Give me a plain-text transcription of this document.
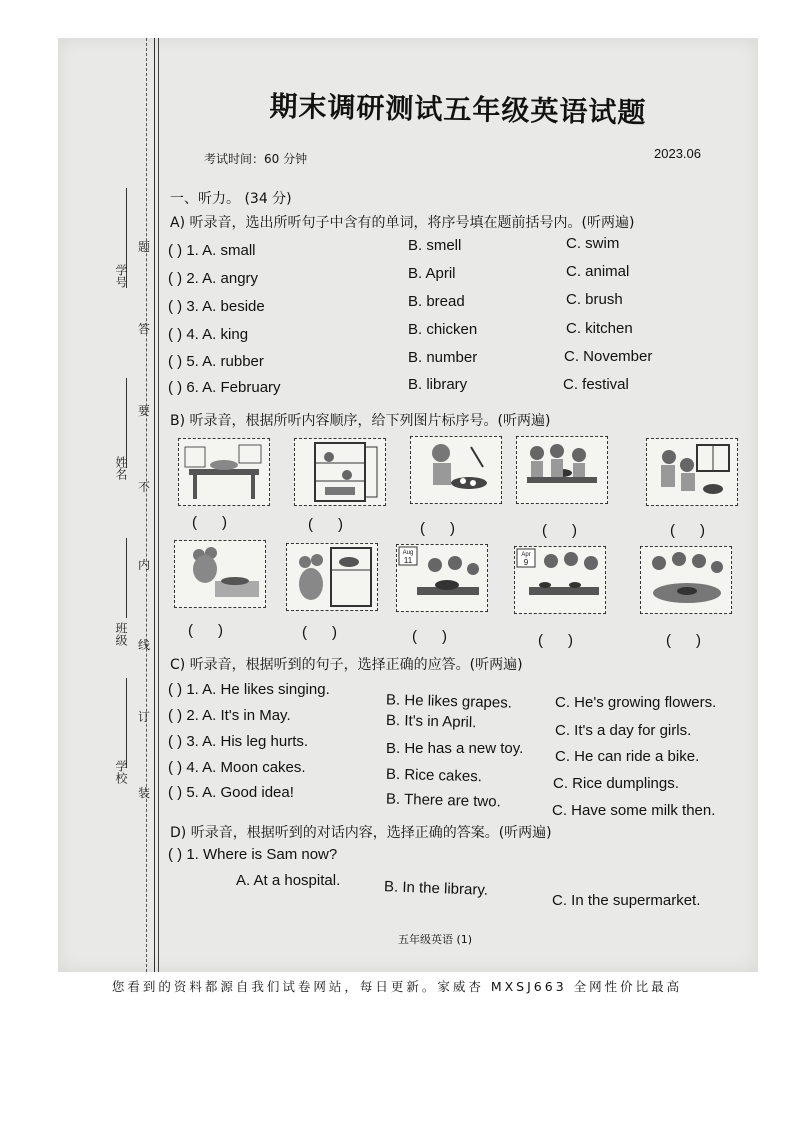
学号
姓名
班级
学校
题
答
要
不
内
线
订
装
期末调研测试五年级英语试题
考试时间：60 分钟	2023.06
一、听力。 (34 分)
A) 听录音，选出所听句子中含有的单词，将序号填在题前括号内。(听两遍)
( ) 1. A. small	B. smell	C. swim
( ) 2. A. angry	B. April	C. animal
( ) 3. A. beside	B. bread	C. brush
( ) 4. A. king	B. chicken	C. kitchen
( ) 5. A. rubber	B. number	C. November
( ) 6. A. February	B. library	C. festival
B) 听录音，根据所听内容顺序，给下列图片标序号。(听两遍)
(      )	(      )	(      )	(      )	(      )
Aug
11
Apr
9
(      )	(      )	(      )	(      )	(      )
C) 听录音，根据听到的句子，选择正确的应答。(听两遍)
( ) 1. A. He likes singing.
B. He likes grapes.	C. He's growing flowers.
( ) 2. A. It's in May.	B. It's in April.	C. It's a day for girls.
( ) 3. A. His leg hurts.	B. He has a new toy. C. He can ride a bike.
( ) 4. A. Moon cakes.	B. Rice cakes.	C. Rice dumplings.
( ) 5. A. Good idea!	B. There are two.
C. Have some milk then.
D) 听录音，根据听到的对话内容，选择正确的答案。(听两遍)
( ) 1. Where is Sam now?
A. At a hospital.	B. In the library.
C. In the supermarket.
五年级英语 (1)
您看到的资料都源自我们试卷网站，每日更新。家威杏 MXSJ663 全网性价比最高
